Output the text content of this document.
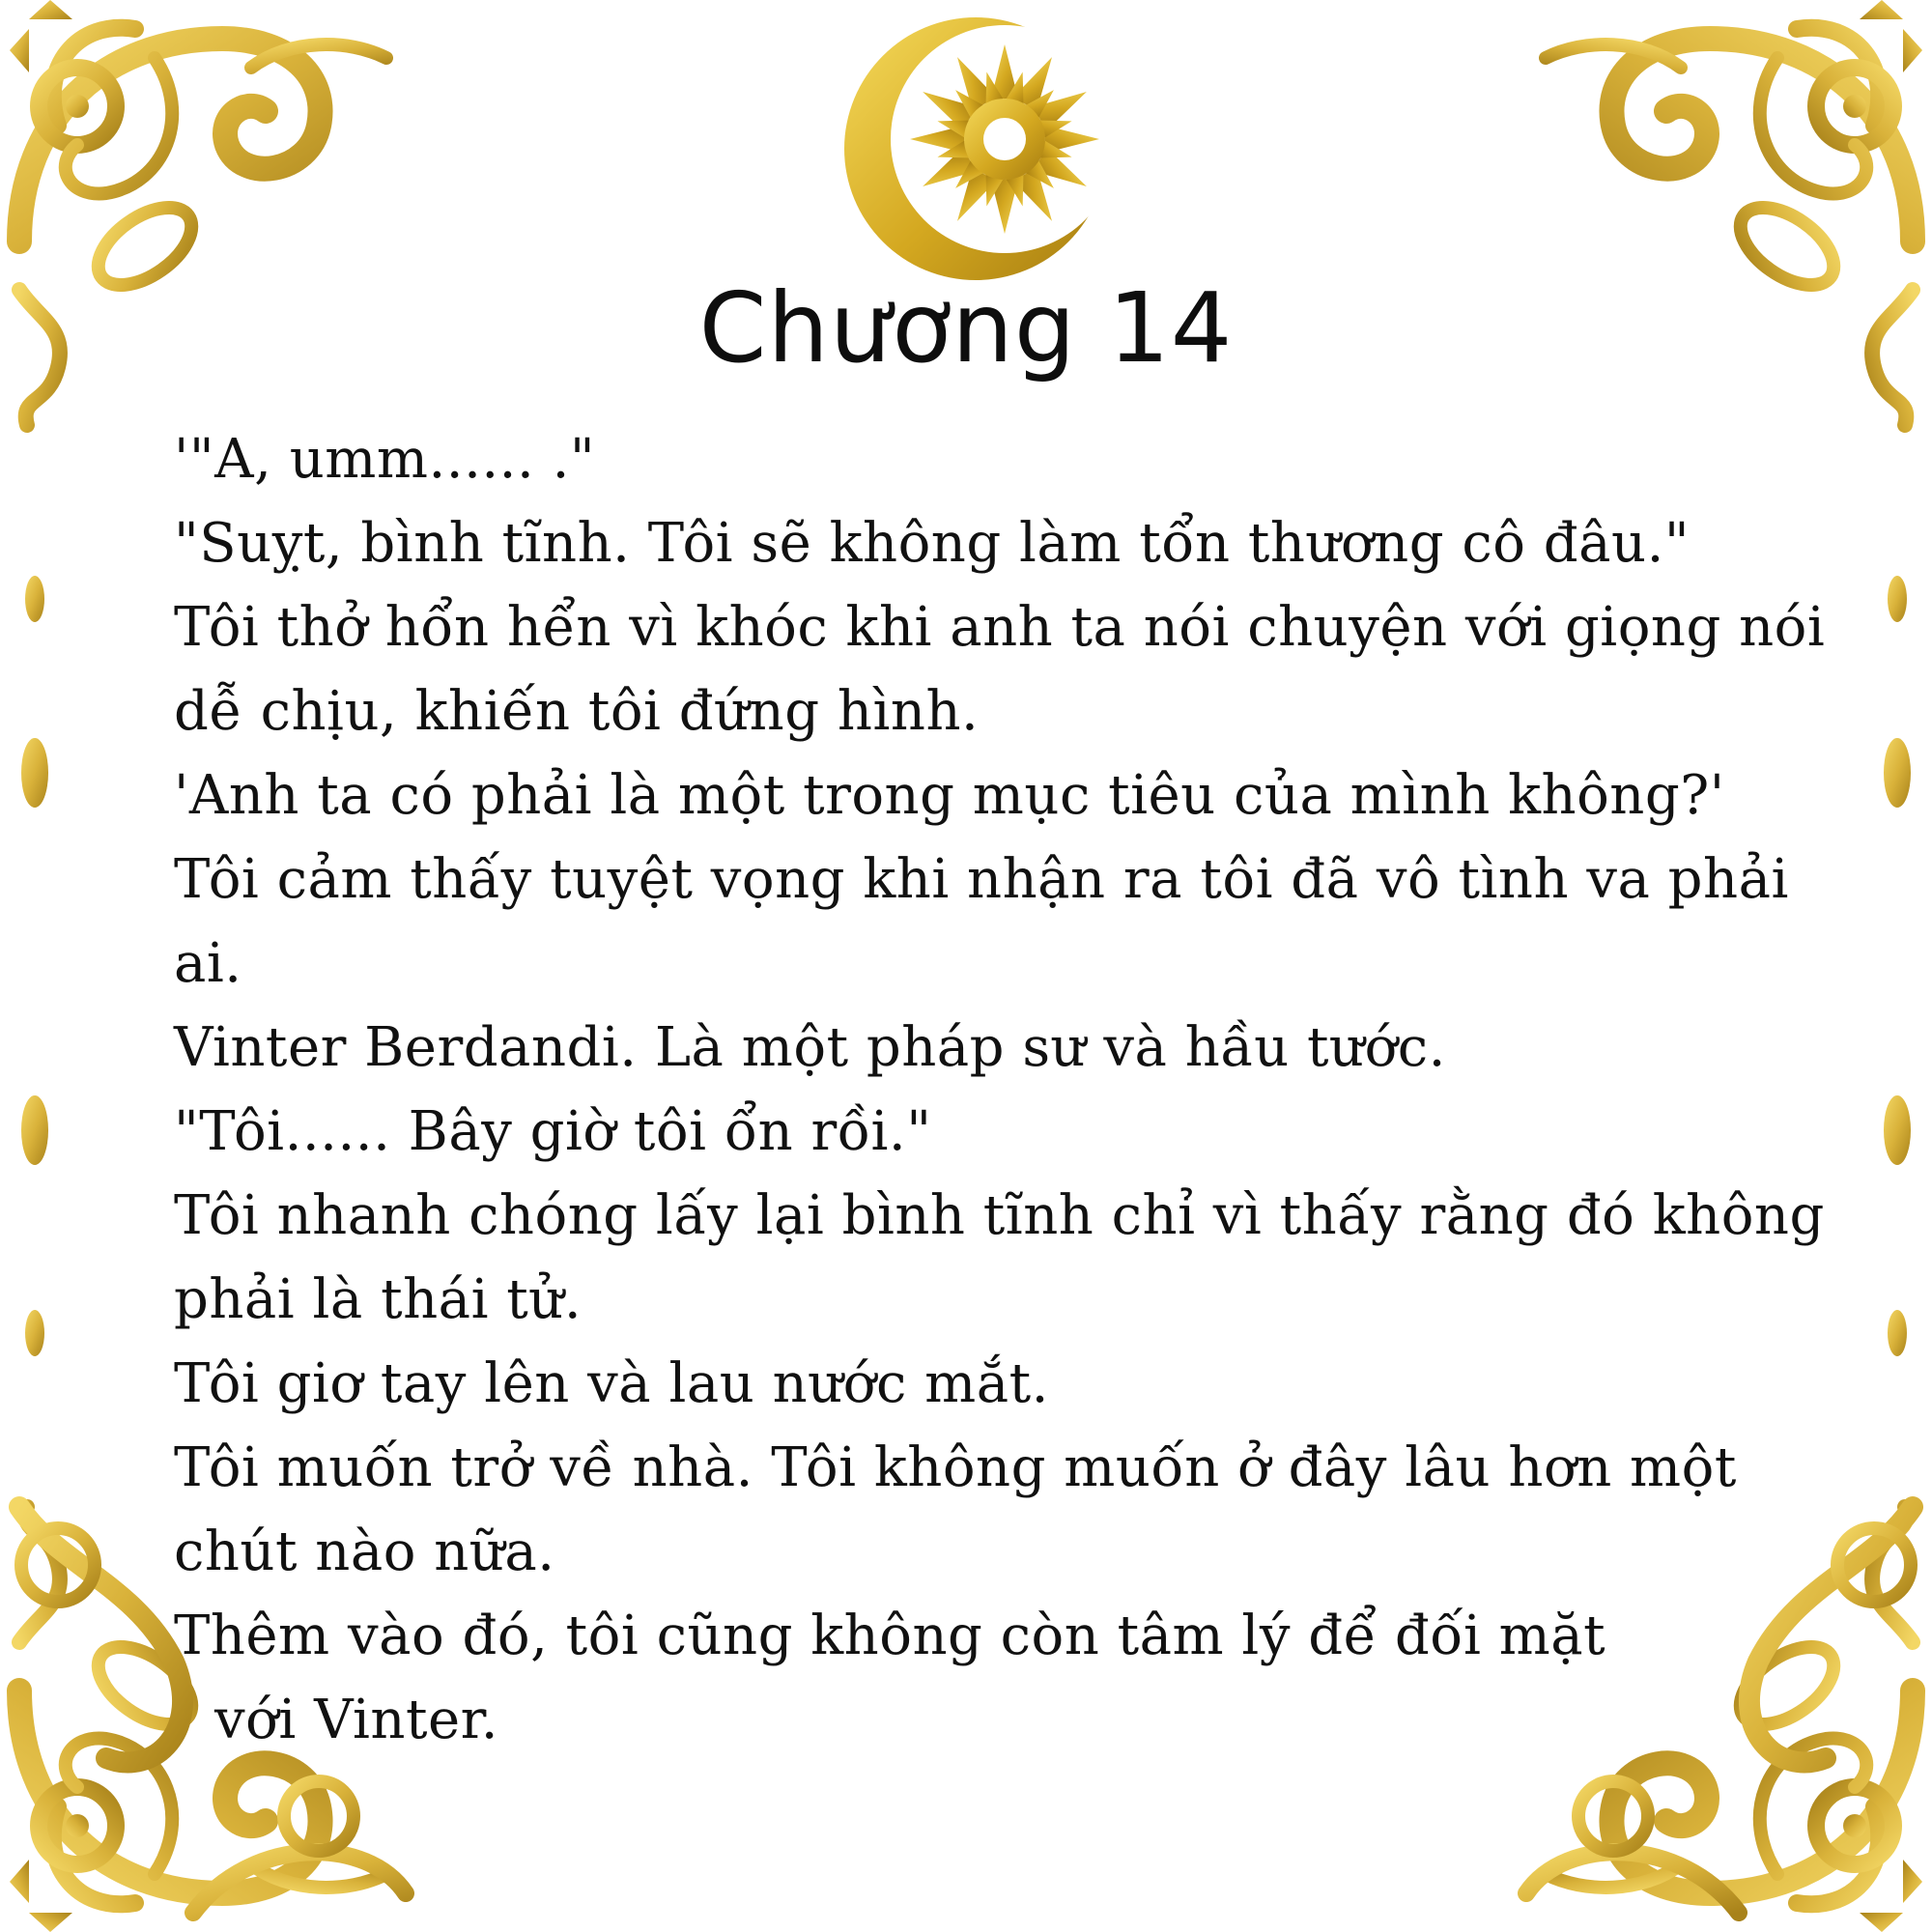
Chương 14
'"A, umm...... ."
"Suỵt, bình tĩnh. Tôi sẽ không làm tổn thương cô đâu."
Tôi thở hổn hển vì khóc khi anh ta nói chuyện với giọng nói
dễ chịu, khiến tôi đứng hình.
'Anh ta có phải là một trong mục tiêu của mình không?'
Tôi cảm thấy tuyệt vọng khi nhận ra tôi đã vô tình va phải
ai.
Vinter Berdandi. Là một pháp sư và hầu tước.
"Tôi...... Bây giờ tôi ổn rồi."
Tôi nhanh chóng lấy lại bình tĩnh chỉ vì thấy rằng đó không
phải là thái tử.
Tôi giơ tay lên và lau nước mắt.
Tôi muốn trở về nhà. Tôi không muốn ở đây lâu hơn một
chút nào nữa.
Thêm vào đó, tôi cũng không còn tâm lý để đối mặt
với Vinter.
